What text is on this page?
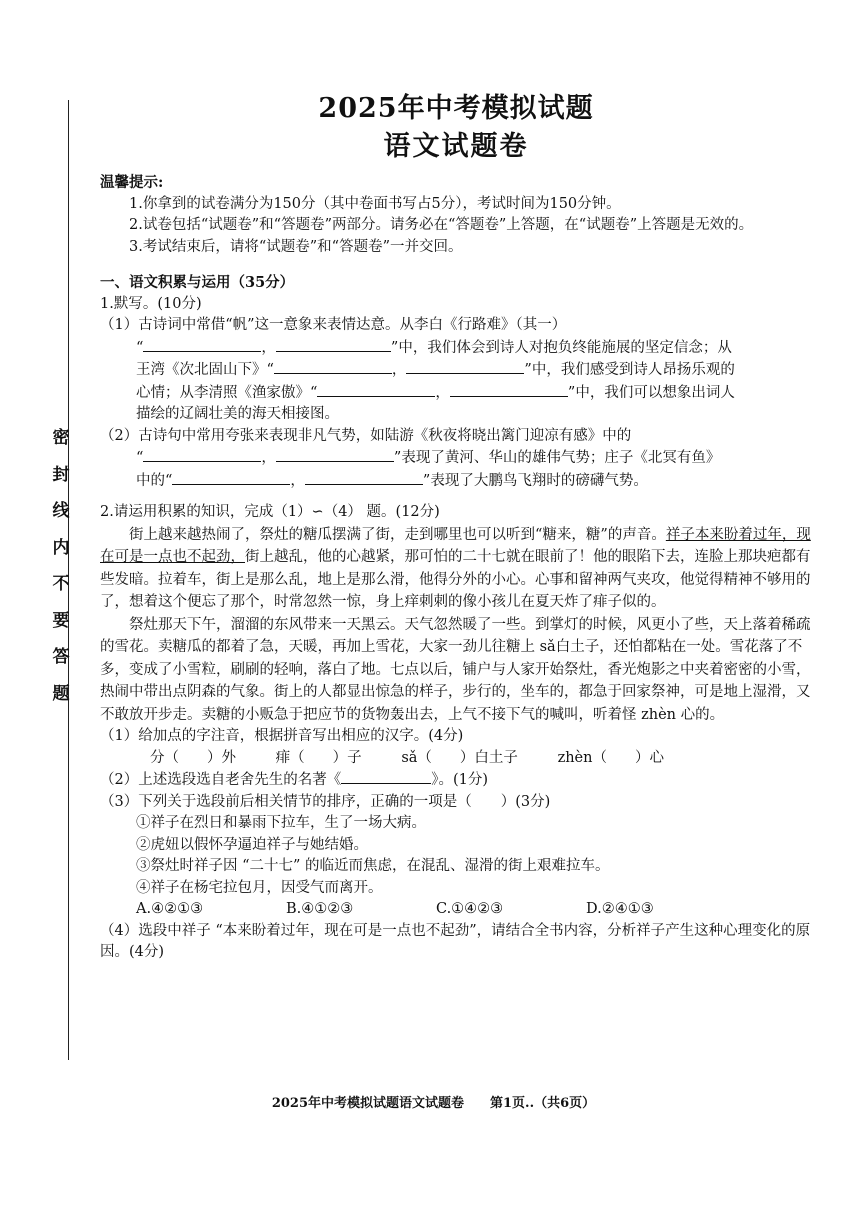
密
封
线
内
不
要
答
题
2025年中考模拟试题
语文试题卷

温馨提示:

1.你拿到的试卷满分为150分（其中卷面书写占5分），考试时间为150分钟。

2.试卷包括“试题卷”和“答题卷”两部分。请务必在“答题卷”上答题，在“试题卷”上答题是无效的。

3.考试结束后，请将“试题卷”和“答题卷”一并交回。

一、语文积累与运用（35分）

1.默写。(10分)

（1）古诗词中常借“帆”这一意象来表情达意。从李白《行路难》（其一）

“	，	”中，我们体会到诗人对抱负终能施展的坚定信念；从

王湾《次北固山下》“	，	”中，我们感受到诗人昂扬乐观的

心情；从李清照《渔家傲》“	，	”中，我们可以想象出词人

描绘的辽阔壮美的海天相接图。

（2）古诗句中常用夸张来表现非凡气势，如陆游《秋夜将晓出篱门迎凉有感》中的

“	，	”表现了黄河、华山的雄伟气势；庄子《北冥有鱼》

中的“	，	”表现了大鹏鸟飞翔时的磅礴气势。

2.请运用积累的知识，完成（1）∽（4） 题。(12分)

街上越来越热闹了，祭灶的糖瓜摆满了街，走到哪里也可以听到“糖来，糖”的声音。祥子本来盼着过年，现在可是一点也不起劲，街上越乱，他的心越紧，那可怕的二十七就在眼前了！他的眼陷下去，连脸上那块疤都有些发暗。拉着车，街上是那么乱，地上是那么滑，他得分外的小心。心事和留神两气夹攻，他觉得精神不够用的了，想着这个便忘了那个，时常忽然一惊，身上痒刺刺的像小孩儿在夏天炸了痱子似的。

祭灶那天下午，溜溜的东风带来一天黑云。天气忽然暖了一些。到掌灯的时候，风更小了些，天上落着稀疏的雪花。卖糖瓜的都着了急，天暖，再加上雪花，大家一劲儿往糖上 sǎ白土子，还怕都粘在一处。雪花落了不多，变成了小雪粒，刷刷的轻响，落白了地。七点以后，铺户与人家开始祭灶，香光炮影之中夹着密密的小雪，热闹中带出点阴森的气象。街上的人都显出惊急的样子，步行的，坐车的，都急于回家祭神，可是地上湿滑，又不敢放开步走。卖糖的小贩急于把应节的货物轰出去，上气不接下气的喊叫，听着怪 zhèn 心的。

（1）给加点的字注音，根据拼音写出相应的汉字。(4分)

分（ ）外	痱（ ）子	sǎ（ ）白土子	zhèn（ ）心

（2）上述选段选自老舍先生的名著《	》。(1分)

（3）下列关于选段前后相关情节的排序，正确的一项是（　　）(3分)

①祥子在烈日和暴雨下拉车，生了一场大病。

②虎妞以假怀孕逼迫祥子与她结婚。

③祭灶时祥子因 “二十七” 的临近而焦虑，在混乱、湿滑的街上艰难拉车。

④祥子在杨宅拉包月，因受气而离开。

A.④②①③	B.④①②③	C.①④②③	D.②④①③

（4）选段中祥子 “本来盼着过年，现在可是一点也不起劲”，请结合全书内容，分析祥子产生这种心理变化的原因。(4分)

2025年中考模拟试题语文试题卷　　第1页..（共6页）
